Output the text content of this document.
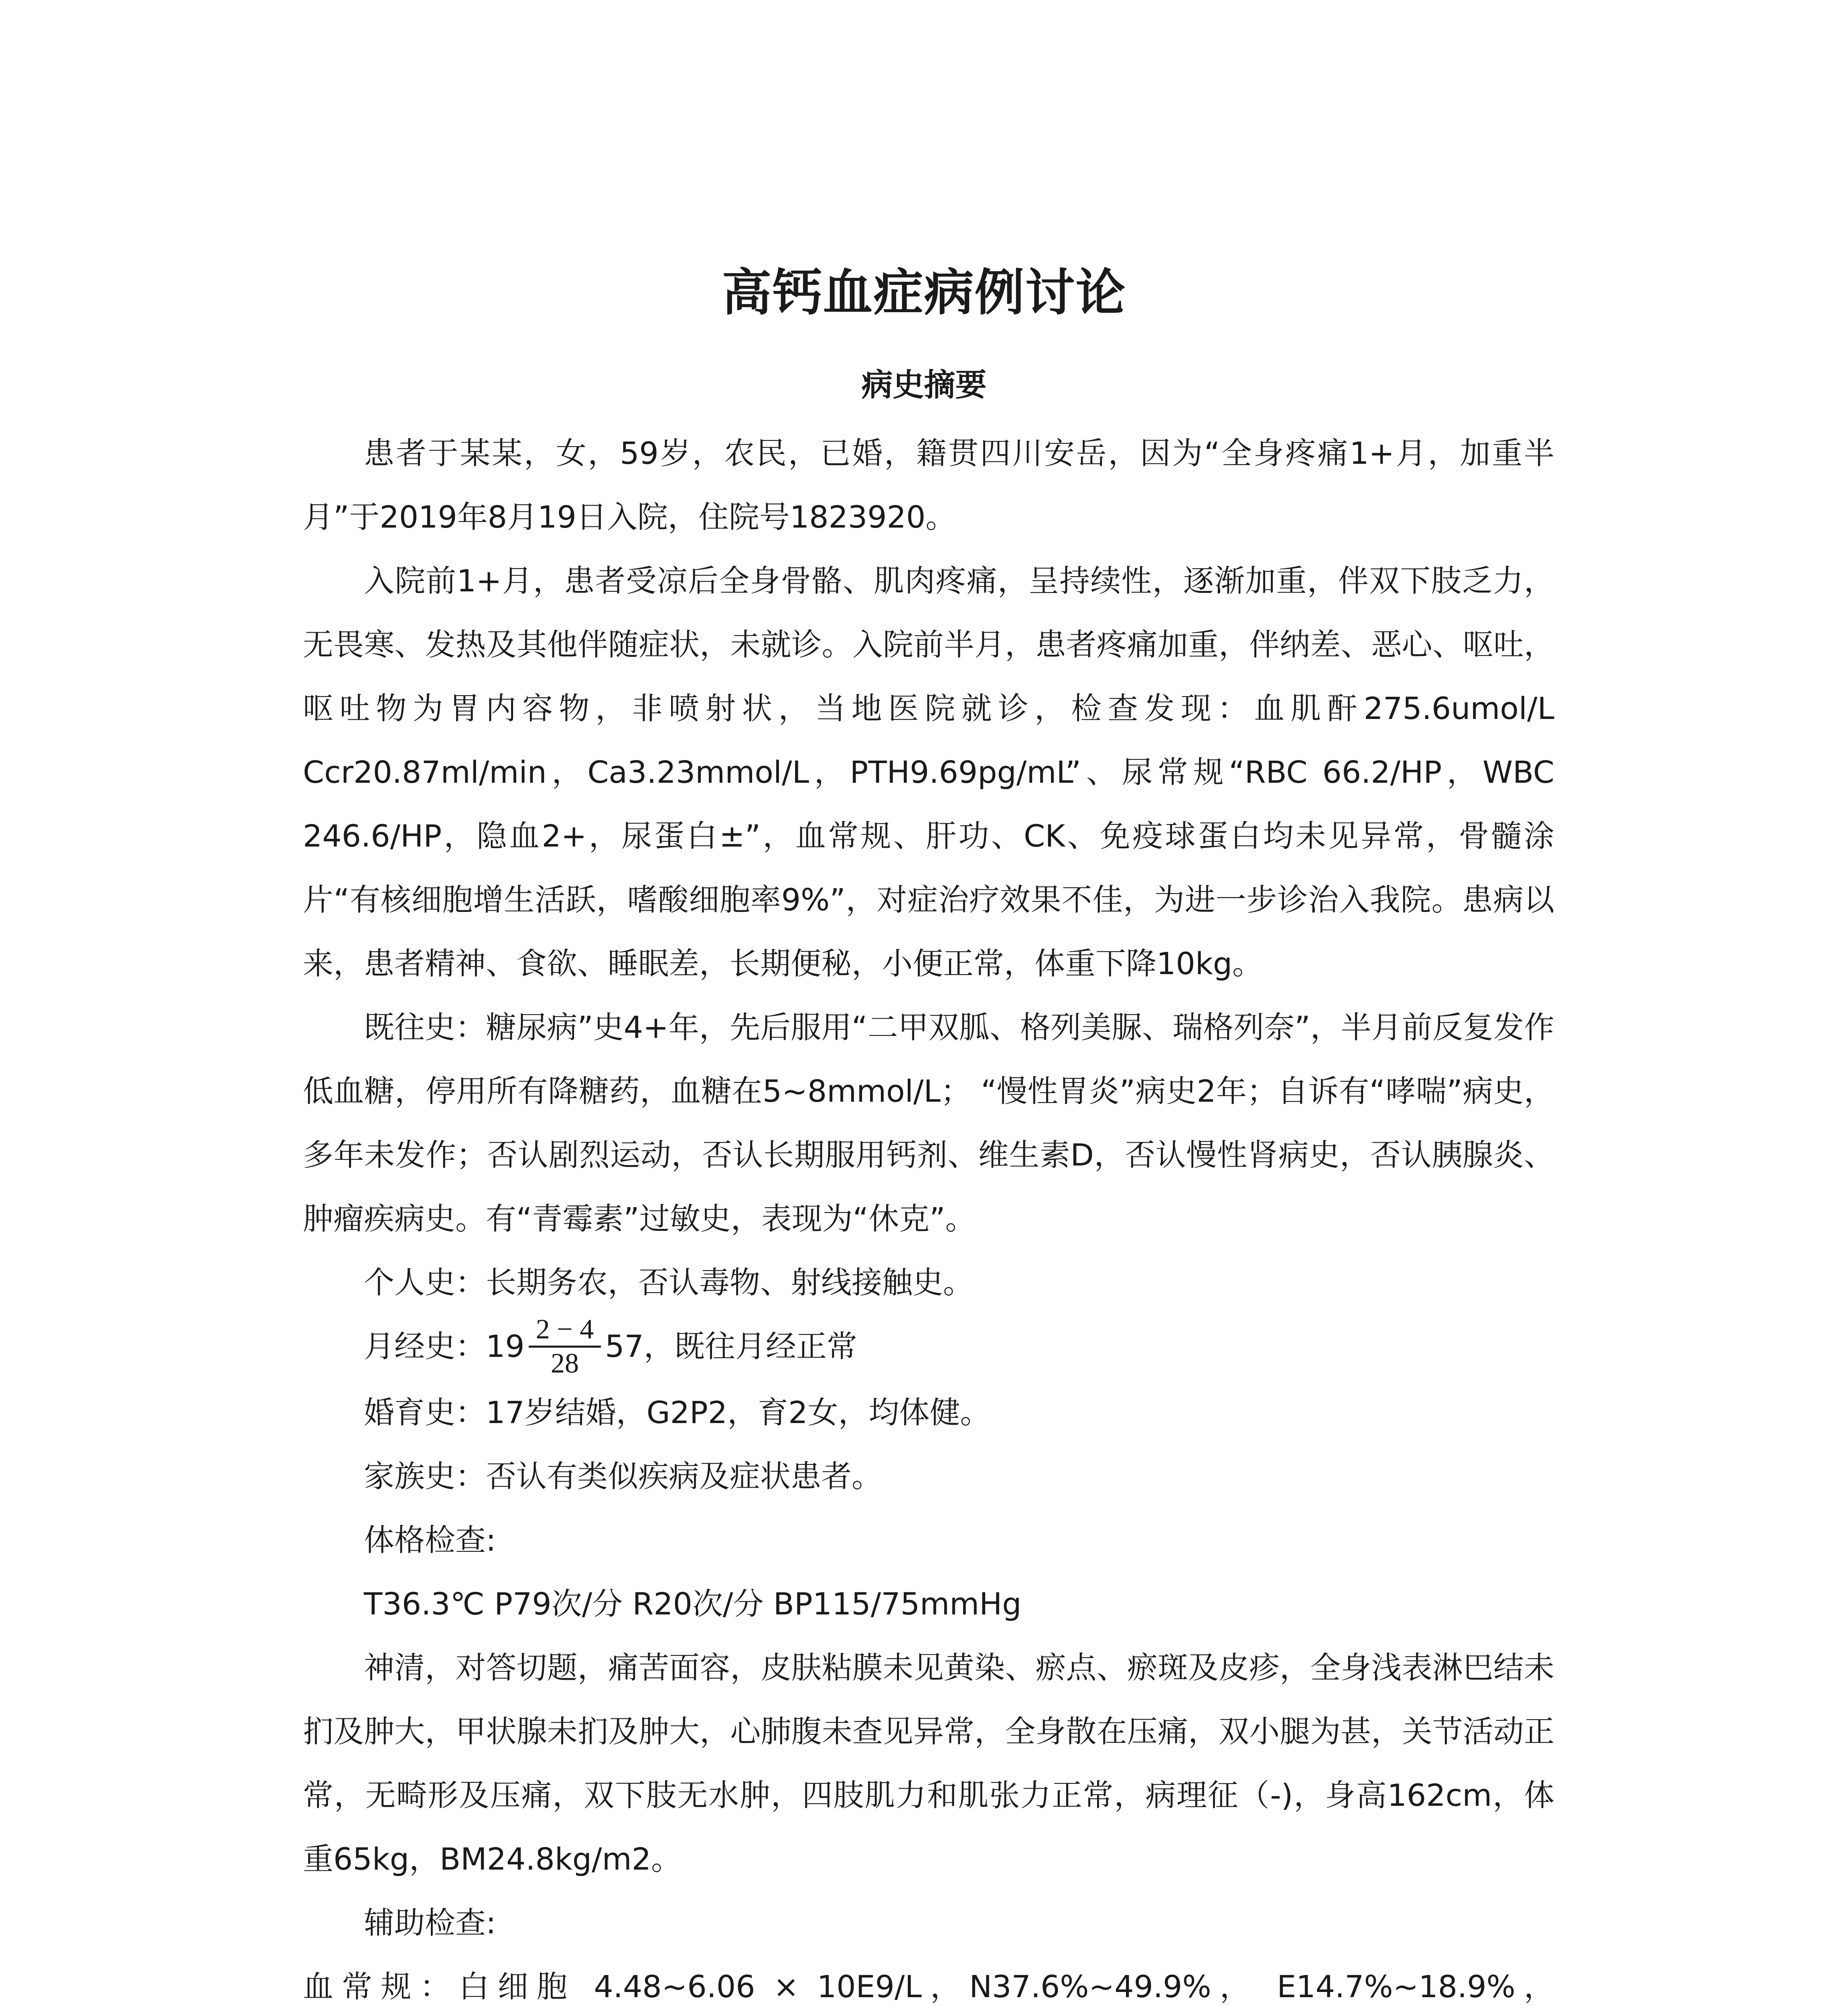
高钙血症病例讨论
病史摘要

患者于某某，女，59岁，农民，已婚，籍贯四川安岳，因为“全身疼痛1+月，加重半月”于2019年8月19日入院，住院号1823920。

入院前1+月，患者受凉后全身骨骼、肌肉疼痛，呈持续性，逐渐加重，伴双下肢乏力，无畏寒、发热及其他伴随症状，未就诊。入院前半月，患者疼痛加重，伴纳差、恶心、呕吐，呕吐物为胃内容物，非喷射状，当地医院就诊，检查发现：血肌酐275.6umol/L Ccr20.87ml/min，Ca3.23mmol/L，PTH9.69pg/mL”、尿常规“RBC 66.2/HP，WBC 246.6/HP，隐血2+，尿蛋白±”，血常规、肝功、CK、免疫球蛋白均未见异常，骨髓涂片“有核细胞增生活跃，嗜酸细胞率9%”，对症治疗效果不佳，为进一步诊治入我院。患病以来，患者精神、食欲、睡眠差，长期便秘，小便正常，体重下降10kg。

既往史：糖尿病”史4+年，先后服用“二甲双胍、格列美脲、瑞格列奈”，半月前反复发作低血糖，停用所有降糖药，血糖在5~8mmol/L； “慢性胃炎”病史2年；自诉有“哮喘”病史，多年未发作；否认剧烈运动，否认长期服用钙剂、维生素D，否认慢性肾病史，否认胰腺炎、肿瘤疾病史。有“青霉素”过敏史，表现为“休克”。

个人史：长期务农，否认毒物、射线接触史。

月经史：$19 \frac{2 - 4}{28} 57$，既往月经正常

婚育史：17岁结婚，G2P2，育2女，均体健。

家族史：否认有类似疾病及症状患者。

体格检查:

T36.3℃ P79次/分 R20次/分 BP115/75mmHg

神清，对答切题，痛苦面容，皮肤粘膜未见黄染、瘀点、瘀斑及皮疹，全身浅表淋巴结未扪及肿大，甲状腺未扪及肿大，心肺腹未查见异常，全身散在压痛，双小腿为甚，关节活动正常，无畸形及压痛，双下肢无水肿，四肢肌力和肌张力正常，病理征（-)，身高162cm，体重65kg，BM24.8kg/m2。

辅助检查:

血常规：白细胞 4.48~6.06 × 10E9/L，N37.6%~49.9%， E14.7%~18.9%，
